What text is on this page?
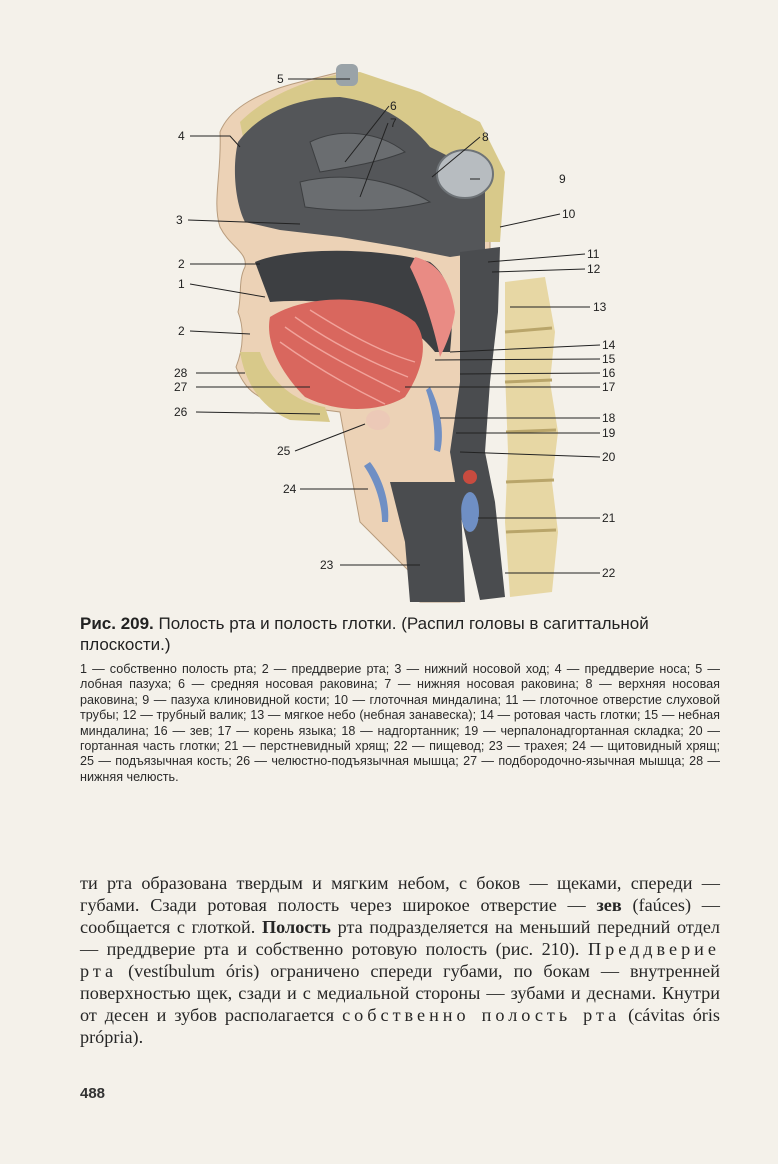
5
4
6
7
8
9
10
3
2
11
12
1
13
2
14
15
16
17
28
27
26	18
19
25	20
24
21
23
22

Рис. 209. Полость рта и полость глотки. (Распил головы в сагиттальной плоскости.)

1 — собственно полость рта; 2 — преддверие рта; 3 — нижний носовой ход; 4 — преддверие носа; 5 — лобная пазуха; 6 — средняя носовая раковина; 7 — нижняя носовая раковина; 8 — верхняя носовая раковина; 9 — пазуха клиновидной кости; 10 — глоточная миндалина; 11 — глоточное отверстие слуховой трубы; 12 — трубный валик; 13 — мягкое небо (небная занавеска); 14 — ротовая часть глотки; 15 — небная миндалина; 16 — зев; 17 — корень языка; 18 — надгортанник; 19 — черпалонадгортанная складка; 20 — гортанная часть глотки; 21 — перстневидный хрящ; 22 — пищевод; 23 — трахея; 24 — щитовидный хрящ; 25 — подъязычная кость; 26 — челюстно-подъязычная мышца; 27 — подбородочно-язычная мышца; 28 — нижняя челюсть.

ти рта образована твердым и мягким небом, с боков — щеками, спереди — губами. Сзади ротовая полость через широкое отверстие — зев (faúces) — сообщается с глоткой. Полость рта подразделяется на меньший передний отдел — преддверие рта и собственно ротовую полость (рис. 210). Преддверие рта (vestíbulum óris) ограничено спереди губами, по бокам — внутренней поверхностью щек, сзади и с медиальной стороны — зубами и деснами. Кнутри от десен и зубов располагается собственно полость рта (cávitas óris própria).

488
